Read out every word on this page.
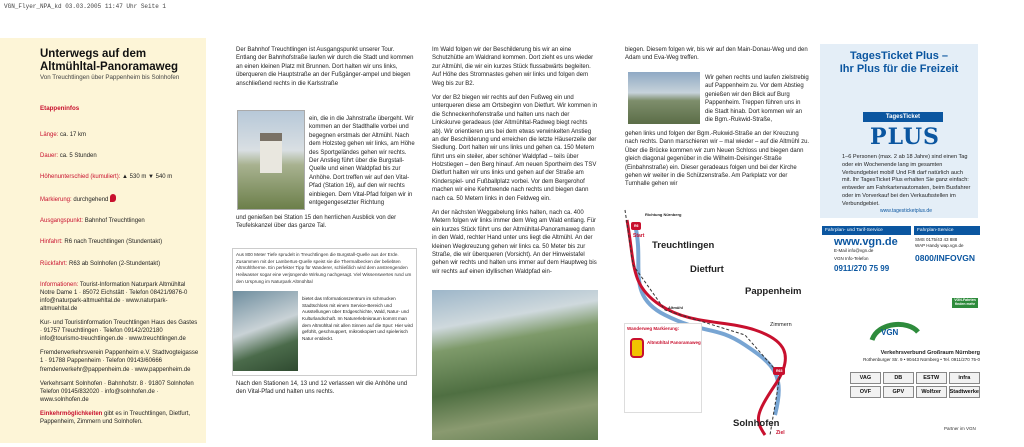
VGN_Flyer_NPA_kd 03.03.2005 11:47 Uhr Seite 1
Unterwegs auf dem Altmühltal-Panoramaweg
Von Treuchtlingen über Pappenheim bis Solnhofen
Etappeninfos
Länge: ca. 17 km
Dauer: ca. 5 Stunden
Höhenunterschied (kumuliert): ▲ 530 m ▼ 540 m
Markierung: durchgehend
Ausgangspunkt: Bahnhof Treuchtlingen
Hinfahrt: R6 nach Treuchtlingen (Stundentakt)
Rückfahrt: R63 ab Solnhofen (2-Stundentakt)
Informationen: Tourist-Information Naturpark Altmühltal Notre Dame 1 · 85072 Eichstätt · Telefon 08421/9876-0 info@naturpark-altmuehltal.de · www.naturpark-altmuehltal.de
Kur- und Touristinformation Treuchtlingen Haus des Gastes · 91757 Treuchtlingen · Telefon 09142/202180 info@tourismo-treuchtlingen.de · www.treuchtlingen.de
Fremdenverkehrsverein Pappenheim e.V. Stadtvogteigasse 1 · 91788 Pappenheim · Telefon 09143/60666 fremdenverkehr@pappenheim.de · www.pappenheim.de
Verkehrsamt Solnhofen · Bahnhofstr. 8 · 91807 Solnhofen Telefon 09145/832020 · info@solnhofen.de · www.solnhofen.de
Einkehrmöglichkeiten gibt es in Treuchtlingen, Dietfurt, Pappenheim, Zimmern und Solnhofen.
Der Bahnhof Treuchtlingen ist Ausgangspunkt unserer Tour. Entlang der Bahnhofstraße laufen wir durch die Stadt und kommen an einen kleinen Platz mit Brunnen. Dort halten wir uns links, überqueren die Hauptstraße an der Fußgänger-ampel und biegen anschließend rechts in die Karlsstraße
ein, die in die Jahnstraße übergeht. Wir kommen an der Stadthalle vorbei und begegnen erstmals der Altmühl. Nach dem Holzsteg gehen wir links, am Höhe des Sportgeländes gehen wir rechts. Der Anstieg führt über die Burgstall-Quelle und einen Waldpfad bis zur Anhöhe. Dort treffen wir auf den Vital-Pfad (Station 16), auf den wir rechts einbiegen. Dem Vital-Pfad folgen wir in entgegengesetzter Richtung
und genießen bei Station 15 den herrlichen Ausblick von der Teufelskanzel über das ganze Tal.
Aus 800 Meter Tiefe sprudelt in Treuchtlingen die Burgstall-Quelle aus der Erde. Zusammen mit der Lambertus-Quelle speist sie die Thermalbecken der beliebten Altmühltherme. Ein perfekter Tipp für Wanderer, schließlich wird dem anstrengenden Heilwasser sogar eine verjüngende Wirkung nachgesagt. Viel Wissenswertes rund um den Ursprung im Naturpark Altmühltal
bietet das Informationszentrum im schmucken Stadtschloss mit einem Service-Bereich und Ausstellungen über Erdgeschichte, Wald, Natur- und Kulturlandschaft. Im Naturerlebnisraum kommt man dem Altmühltal mit allen Sinnen auf die Spur: Hier wird gefühlt, geschnuppert, mikroskopiert und spielerisch Natur entdeckt.
Nach den Stationen 14, 13 und 12 verlassen wir die Anhöhe und den Vital-Pfad und halten uns rechts.
Im Wald folgen wir der Beschilderung bis wir an eine Schutzhütte am Waldrand kommen. Dort zieht es uns wieder zur Altmühl, die wir ein kurzes Stück flussabwärts begleiten. Auf Höhe des Stromnastes gehen wir links und folgen dem Weg bis zur B2.
Vor der B2 biegen wir rechts auf den Fußweg ein und unterqueren diese am Ortsbeginn von Dietfurt. Wir kommen in die Schneckenhofenstraße und halten uns nach der Linkskurve geradeaus (der Altmühltal-Radweg biegt rechts ab). Wir orientieren uns bei dem etwas verwinkelten Anstieg an der Beschilderung und erreichen die letzte Häuserzeile der Siedlung. Dort halten wir uns links und gehen ca. 150 Metern führt uns ein steiler, aber schöner Waldpfad – teils über Holzstiegen – den Berg hinauf. Am neuen Sportheim des TSV Dietfurt halten wir uns links und gehen auf der Straße am Kinderspiel- und Fußballplatz vorbei. Vor dem Bergerohof machen wir eine Kehrtwende nach rechts und biegen dann nach ca. 50 Metern links in den Feldweg ein.
An der nächsten Weggabelung links halten, nach ca. 400 Metern folgen wir links immer dem Weg am Wald entlang. Für ein kurzes Stück führt uns der Altmühltal-Panoramaweg dann in den Wald, rechter Hand unter uns liegt die Altmühl. An der kleinen Wegkreuzung gehen wir links ca. 50 Meter bis zur Straße, die wir überqueren (Vorsicht). An der Hinweistafel gehen wir rechts und halten uns immer auf dem Hauptweg bis wir rechts auf einen idyllischen Waldpfad ein-
biegen. Diesem folgen wir, bis wir auf den Main-Donau-Weg und den Adam und Eva-Weg treffen.
Wir gehen rechts und laufen zielstrebig auf Pappenheim zu. Vor dem Abstieg genießen wir den Blick auf Burg Pappenheim. Treppen führen uns in die Stadt hinab. Dort kommen wir an die Bgm.-Rukwid-Straße,
gehen links und folgen der Bgm.-Rukwid-Straße an der Kreuzung nach rechts. Dann marschieren wir – mal wieder – auf die Altmühl zu. Über die Brücke kommen wir zum Neuen Schloss und biegen dann gleich diagonal gegenüber in die Wilhelm-Deisinger-Straße (Einbahnstraße) ein. Dieser geradeaus folgen und bei der Kirche gehen wir weiter in die Schützenstraße. Am Parkplatz vor der Turnhalle gehen wir
R6
Richtung Nürnberg
Start
Treuchtlingen
Dietfurt
Pappenheim
Altmühl
Zimmern
Wanderweg Markierung:
Altmühltal Panoramaweg
R63
Solnhofen
Ziel
TagesTicket Plus –
Ihr Plus für die Freizeit
TagesTicket
PLUS
1–6 Personen (max. 2 ab 18 Jahre) sind einen Tag oder ein Wochenende lang im gesamten Verbundgebiet mobil! Und Fifi darf natürlich auch mit. Ihr TagesTicket Plus erhalten Sie ganz einfach: entweder am Fahrkartenautomaten, beim Busfahrer oder im Vorverkauf bei den Verkaufsstellen im Verbundgebiet.
www.tagesticketplus.de
Fahrplan- und Tarif-Service	Fahrplan-Service
www.vgn.de
E-Mail info@vgn.de
VGN Info-Telefon
0911/270 75 99
SMS 0175/43 43 888
WAP Handy wap.vgn.de
0800/INFOVGN
VGN-Fahrten finden mehr
VGN
Verkehrsverbund Großraum Nürnberg
Rothenburger Str. 9 • 90443 Nürnberg • Tel. 0911/270 75-0
VAG	DB	ESTW	infra
OVF	GPV	Wolfzer	Stadtwerke
Partner im VGN
